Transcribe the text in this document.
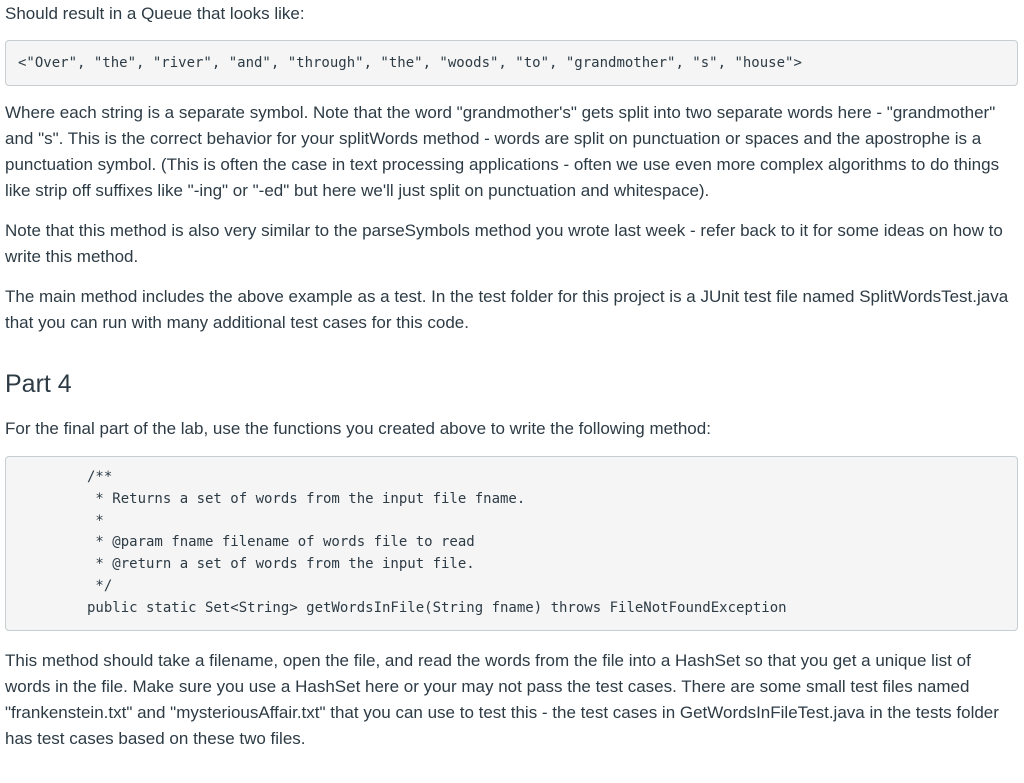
Should result in a Queue that looks like:

<"Over", "the", "river", "and", "through", "the", "woods", "to", "grandmother", "s", "house">

Where each string is a separate symbol. Note that the word "grandmother's" gets split into two separate words here - "grandmother" and "s". This is the correct behavior for your splitWords method - words are split on punctuation or spaces and the apostrophe is a punctuation symbol. (This is often the case in text processing applications - often we use even more complex algorithms to do things like strip off suffixes like "-ing" or "-ed" but here we'll just split on punctuation and whitespace).

Note that this method is also very similar to the parseSymbols method you wrote last week - refer back to it for some ideas on how to write this method.

The main method includes the above example as a test. In the test folder for this project is a JUnit test file named SplitWordsTest.java that you can run with many additional test cases for this code.

Part 4

For the final part of the lab, use the functions you created above to write the following method:

/**
* Returns a set of words from the input file fname.
*
* @param fname filename of words file to read
* @return a set of words from the input file.
*/
public static Set<String> getWordsInFile(String fname) throws FileNotFoundException

This method should take a filename, open the file, and read the words from the file into a HashSet so that you get a unique list of words in the file. Make sure you use a HashSet here or your may not pass the test cases. There are some small test files named "frankenstein.txt" and "mysteriousAffair.txt" that you can use to test this - the test cases in GetWordsInFileTest.java in the tests folder has test cases based on these two files.
